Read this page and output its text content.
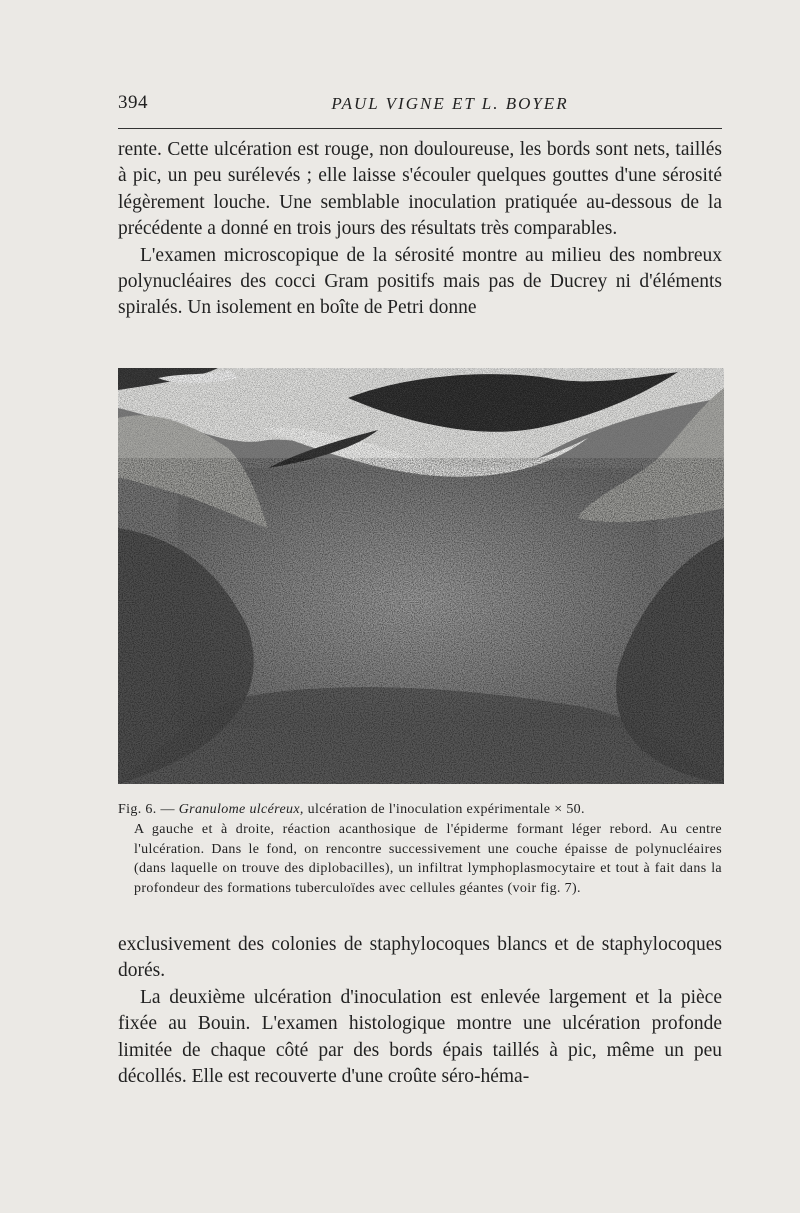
394	PAUL VIGNE ET L. BOYER

rente. Cette ulcération est rouge, non douloureuse, les bords sont nets, taillés à pic, un peu surélevés ; elle laisse s'écouler quelques gouttes d'une sérosité légèrement louche. Une semblable inoculation pratiquée au-dessous de la précédente a donné en trois jours des résultats très comparables.

L'examen microscopique de la sérosité montre au milieu des nombreux polynucléaires des cocci Gram positifs mais pas de Ducrey ni d'éléments spiralés. Un isolement en boîte de Petri donne

Fig. 6. — Granulome ulcéreux, ulcération de l'inoculation expérimentale × 50.

A gauche et à droite, réaction acanthosique de l'épiderme formant léger rebord. Au centre l'ulcération. Dans le fond, on rencontre successivement une couche épaisse de polynucléaires (dans laquelle on trouve des diplobacilles), un infiltrat lymphoplasmocytaire et tout à fait dans la profondeur des formations tuberculoïdes avec cellules géantes (voir fig. 7).

exclusivement des colonies de staphylocoques blancs et de staphylocoques dorés.

La deuxième ulcération d'inoculation est enlevée largement et la pièce fixée au Bouin. L'examen histologique montre une ulcération profonde limitée de chaque côté par des bords épais taillés à pic, même un peu décollés. Elle est recouverte d'une croûte séro-héma-
